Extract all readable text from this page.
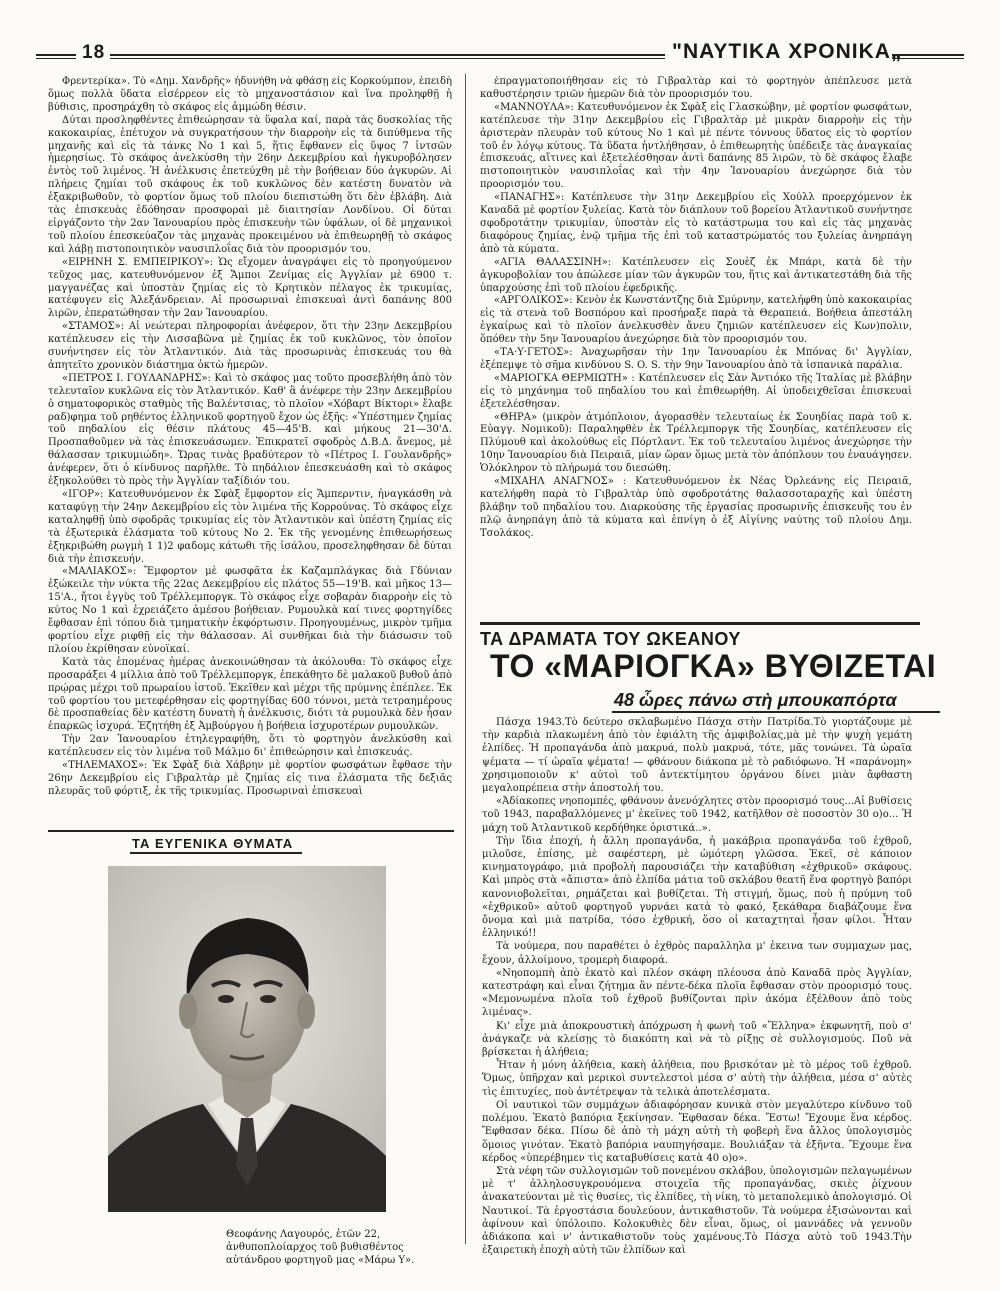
18	"ΝΑΥΤΙΚΑ ΧΡΟΝΙΚΑ„

Φρεντερίκα». Τὸ «Δημ. Χανδρῆς» ἠδυνήθη νὰ φθάσῃ εἰς Κορκούμπον, ἐπειδὴ ὅμως πολλὰ ὕδατα εἰσέρρεον εἰς τὸ μηχανοστάσιον καὶ ἵνα προληφθῇ ἡ βύθισις, προσηράχθη τὸ σκάφος εἰς ἀμμώδη θέσιν.

Δύται προσληφθέντες ἐπιθεώρησαν τὰ ὕφαλα καί, παρὰ τὰς δυσκολίας τῆς κακοκαιρίας, ἐπέτυχον νὰ συγκρατήσουν τὴν διαρροὴν εἰς τὰ διπύθμενα τῆς μηχανῆς καὶ εἰς τὰ τάνκς Νο 1 καὶ 5, ἥτις ἔφθανεν εἰς ὕψος 7 ἰντσῶν ἡμερησίως. Τὸ σκάφος ἀνελκύσθη τὴν 26ην Δεκεμβρίου καὶ ἠγκυροβόλησεν ἐντὸς τοῦ λιμένος. Ἡ ἀνέλκυσις ἐπετεύχθη μὲ τὴν βοήθειαν δύο ἀγκυρῶν. Αἱ πλήρεις ζημίαι τοῦ σκάφους ἐκ τοῦ κυκλῶνος δὲν κατέστη δυνατὸν νὰ ἐξακριβωθοῦν, τὸ φορτίον ὅμως τοῦ πλοίου διεπιστώθη ὅτι δὲν ἐβλάβη. Διὰ τὰς ἐπισκευὰς ἐδόθησαν προσφοραὶ μὲ διαιτησίαν Λονδίνου. Οἱ δύται εἰργάζοντο τὴν 2αν Ἰανουαρίου πρὸς ἐπισκευὴν τῶν ὑφάλων, οἱ δὲ μηχανικοὶ τοῦ πλοίου ἐπεσκεύαζον τὰς μηχανὰς προκειμένου νὰ ἐπιθεωρηθῇ τὸ σκάφος καὶ λάβῃ πιστοποιητικὸν ναυσιπλοΐας διὰ τὸν προορισμόν του.

«ΕΙΡΗΝΗ Σ. ΕΜΠΕΙΡΙΚΟΥ»: Ὡς εἴχομεν ἀναγράψει εἰς τὸ προηγούμενον τεῦχος μας, κατευθυνόμενον ἐξ Ἄμποι Ζενίμας εἰς Ἀγγλίαν μὲ 6900 τ. μαγγανέζας καὶ ὑποστὰν ζημίας εἰς τὸ Κρητικὸν πέλαγος ἐκ τρικυμίας, κατέφυγεν εἰς Ἀλεξάνδρειαν. Αἱ προσωριναὶ ἐπισκευαὶ ἀντὶ δαπάνης 800 λιρῶν, ἐπερατώθησαν τὴν 2αν Ἰανουαρίου.

«ΣΤΑΜΟΣ»: Αἱ νεώτεραι πληροφορίαι ἀνέφερον, ὅτι τὴν 23ην Δεκεμβρίου κατέπλευσεν εἰς τὴν Λισσαβῶνα μὲ ζημίας ἐκ τοῦ κυκλῶνος, τὸν ὁποῖον συνήντησεν εἰς τὸν Ἀτλαντικόν. Διὰ τὰς προσωρινὰς ἐπισκευάς του θὰ ἀπητεῖτο χρονικὸν διάστημα ὀκτὼ ἡμερῶν.

«ΠΕΤΡΟΣ Ι. ΓΟΥΛΑΝΔΡΗΣ»: Καὶ τὸ σκάφος μας τοῦτο προσεβλήθη ἀπὸ τὸν τελευταῖον κυκλῶνα εἰς τὸν Ἀτλαντικόν. Καθ' ἃ ἀνέφερε τὴν 23ην Δεκεμβρίου ὁ σηματοφορικὸς σταθμὸς τῆς Βαλέντσιας, τὸ πλοῖον «Χόβαρτ Βίκτορι» ἔλαβε ραδ)φημα τοῦ ρηθέντος ἑλληνικοῦ φορτηγοῦ ἔχον ὡς ἑξῆς: «Ὑπέστημεν ζημίας τοῦ πηδαλίου εἰς θέσιν πλάτους 45—45'Β. καὶ μήκους 21—30'Δ. Προσπαθοῦμεν νὰ τὰς ἐπισκευάσωμεν. Ἐπικρατεῖ σφοδρὸς Δ.Β.Δ. ἄνεμος, μὲ θάλασσαν τρικυμιώδη». Ὥρας τινὰς βραδύτερον τὸ «Πέτρος Ι. Γουλανδρῆς» ἀνέφερεν, ὅτι ὁ κίνδυνος παρῆλθε. Τὸ πηδάλιον ἐπεσκευάσθη καὶ τὸ σκάφος ἐξηκολούθει τὸ πρὸς τὴν Ἀγγλίαν ταξίδιόν του.

«ΙΓΟΡ»: Κατευθυνόμενον ἐκ Σφὰξ ἔμφορτον εἰς Ἄμπερντιν, ἠναγκάσθη νὰ καταφύγῃ τὴν 24ην Δεκεμβρίου εἰς τὸν λιμένα τῆς Κορρούνας. Τὸ σκάφος εἶχε καταληφθῇ ὑπὸ σφοδρᾶς τρικυμίας εἰς τὸν Ἀτλαντικὸν καὶ ὑπέστη ζημίας εἰς τὰ ἐξωτερικὰ ἐλάσματα τοῦ κύτους Νο 2. Ἐκ τῆς γενομένης ἐπιθεωρήσεως ἐξηκριβώθη ρωγμὴ 1 1)2 φαδομς κάτωθι τῆς ἰσάλου, προσεληφθησαν δὲ δύται διὰ τὴν ἐπισκευήν.

«ΜΑΛΙΑΚΟΣ»: Ἔμφορτον μὲ φωσφᾶτα ἐκ Καζαμπλάγκας διὰ Γδύνιαν ἐξώκειλε τὴν νύκτα τῆς 22ας Δεκεμβρίου εἰς πλάτος 55—19'Β. καὶ μῆκος 13—15'Α., ἤτοι ἐγγὺς τοῦ Τρέλλεμποργκ. Τὸ σκάφος εἶχε σοβαρὰν διαρροὴν εἰς τὸ κύτος Νο 1 καὶ ἐχρειάζετο ἀμέσου βοήθειαν. Ρυμουλκὰ καί τινες φορτηγίδες ἔφθασαν ἐπὶ τόπου διὰ τμηματικὴν ἐκφόρτωσιν. Προηγουμένως, μικρὸν τμῆμα φορτίου εἶχε ριφθῇ εἰς τὴν θάλασσαν. Αἱ συνθῆκαι διὰ τὴν διάσωσιν τοῦ πλοίου ἐκρίθησαν εὐνοϊκαί.

Κατὰ τὰς ἑπομένας ἡμέρας ἀνεκοινώθησαν τὰ ἀκόλουθα: Τὸ σκάφος εἶχε προσαράξει 4 μίλλια ἀπὸ τοῦ Τρέλλεμποργκ, ἐπεκάθητο δὲ μαλακοῦ βυθοῦ ἀπὸ πρῴρας μέχρι τοῦ πρωραίου ἱστοῦ. Ἐκεῖθεν καὶ μέχρι τῆς πρύμνης ἐπέπλεε. Ἐκ τοῦ φορτίου του μετεφέρθησαν εἰς φορτηγίδας 600 τόννοι, μετὰ τετραημέρους δὲ προσπαθείας δὲν κατέστη δυνατὴ ἡ ἀνέλκυσις, διότι τὰ ρυμουλκὰ δὲν ἦσαν ἐπαρκῶς ἰσχυρά. Ἐζητήθη ἐξ Ἀμβούργου ἡ βοήθεια ἰσχυροτέρων ρυμουλκῶν.

Τὴν 2αν Ἰανουαρίου ἐτηλεγραφήθη, ὅτι τὸ φορτηγὸν ἀνελκύσθη καὶ κατέπλευσεν εἰς τὸν λιμένα τοῦ Μάλμο δι' ἐπιθεώρησιν καὶ ἐπισκευάς.

«ΤΗΛΕΜΑΧΟΣ»: Ἐκ Σφὰξ διὰ Χάβρην μὲ φορτίον φωσφάτων ἔφθασε τὴν 26ην Δεκεμβρίου εἰς Γιβραλτὰρ μὲ ζημίας εἰς τινα ἐλάσματα τῆς δεξιᾶς πλευρᾶς τοῦ φόρτιξ, ἐκ τῆς τρικυμίας. Προσωριναὶ ἐπισκευαὶ

ἐπραγματοποιήθησαν εἰς τὸ Γιβραλτὰρ καὶ τὸ φορτηγὸν ἀπέπλευσε μετὰ καθυστέρησιν τριῶν ἡμερῶν διὰ τὸν προορισμόν του.

«ΜΑΝΝΟΥΛΑ»: Κατευθυνόμενον ἐκ Σφὰξ εἰς Γλασκώβην, μὲ φορτίον φωσφάτων, κατέπλευσε τὴν 31ην Δεκεμβρίου εἰς Γιβραλτὰρ μὲ μικρὰν διαρροὴν εἰς τὴν ἀριστερὰν πλευρὰν τοῦ κύτους Νο 1 καὶ μὲ πέντε τόννους ὕδατος εἰς τὸ φορτίον τοῦ ἐν λόγῳ κύτους. Τὰ ὕδατα ἠντλήθησαν, ὁ ἐπιθεωρητὴς ὑπέδειξε τὰς ἀναγκαίας ἐπισκευάς, αἵτινες καὶ ἐξετελέσθησαν ἀντὶ δαπάνης 85 λιρῶν, τὸ δὲ σκάφος ἔλαβε πιστοποιητικὸν ναυσιπλοΐας καὶ τὴν 4ην Ἰανουαρίου ἀνεχώρησε διὰ τὸν προορισμόν του.

«ΠΑΝΑΓΗΣ»: Κατέπλευσε τὴν 31ην Δεκεμβρίου εἰς Χούλλ προερχόμενον ἐκ Καναδᾶ μὲ φορτίον ξυλείας. Κατὰ τὸν διάπλουν τοῦ βορείου Ἀτλαντικοῦ συνήντησε σφοδροτάτην τρικυμίαν, ὑποστὰν εἰς τὸ κατάστρωμα του καὶ εἰς τὰς μηχανὰς διαφόρους ζημίας, ἐνῷ τμῆμα τῆς ἐπὶ τοῦ καταστρώματός του ξυλείας ἀνηρπάγη ἀπὸ τὰ κύματα.

«ΑΓΙΑ ΘΑΛΑΣΣΙΝΗ»: Κατέπλευσεν εἰς Σουὲζ ἐκ Μπάρι, κατὰ δὲ τὴν ἀγκυροβολίαν του ἀπώλεσε μίαν τῶν ἀγκυρῶν του, ἥτις καὶ ἀντικατεστάθη διὰ τῆς ὑπαρχούσης ἐπὶ τοῦ πλοίου ἐφεδρικῆς.

«ΑΡΓΟΛΙΚΟΣ»: Κενὸν ἐκ Κωνστάντζης διὰ Σμύρνην, κατελήφθη ὑπὸ κακοκαιρίας εἰς τὰ στενὰ τοῦ Βοσπόρου καὶ προσήραξε παρὰ τὰ Θεραπειά. Βοήθεια ἀπεστάλη ἐγκαίρως καὶ τὸ πλοῖον ἀνελκυσθὲν ἄνευ ζημιῶν κατέπλευσεν εἰς Κων)πολιν, ὅπόθεν τὴν 5ην Ἰανουαρίου ἀνεχώρησε διὰ τὸν προορισμόν του.

«ΤΑ·Υ·ΓΕΤΟΣ»: Ἀναχωρῆσαν τὴν 1ην Ἰανουαρίου ἐκ Μπόνας δι' Ἀγγλίαν, ἐξέπεμψε τὸ σῆμα κινδύνου S. O. S. τὴν 9ην Ἰανουαρίου ἀπὸ τὰ ἰσπανικὰ παράλια.

«ΜΑΡΙΟΓΚΑ ΘΕΡΜΙΩΤΗ» : Κατέπλευσεν εἰς Σὰν Ἀντιόκο τῆς Ἰταλίας μὲ βλάβην εἰς τὸ μηχάνημα τοῦ πηδαλίου του καὶ ἐπιθεωρήθη. Αἱ ὑποδειχθεῖσαι ἐπισκευαὶ ἐξετελέσθησαν.

«ΘΗΡΑ» (μικρὸν ἀτμόπλοιον, ἀγορασθὲν τελευταίως ἐκ Σουηδίας παρὰ τοῦ κ. Εὐαγγ. Νομικοῦ): Παραληφθὲν ἐκ Τρέλλεμποργκ τῆς Σουηδίας, κατέπλευσεν εἰς Πλύμουθ καὶ ἀκολούθως εἰς Πόρτλαντ. Ἐκ τοῦ τελευταίου λιμένος ἀνεχώρησε τὴν 10ην Ἰανουαρίου διὰ Πειραιᾶ, μίαν ὥραν ὅμως μετὰ τὸν ἀπόπλουν του ἐναυάγησεν. Ὁλόκληρον τὸ πλήρωμά του διεσώθη.

«ΜΙΧΑΗΛ ΑΝΑΓΝΟΣ» : Κατευθυνόμενον ἐκ Νέας Ὀρλεάνης εἰς Πειραιᾶ, κατελήφθη παρὰ τὸ Γιβραλτὰρ ὑπὸ σφοδροτάτης θαλασσοταραχῆς καὶ ὑπέστη βλάβην τοῦ πηδαλίου του. Διαρκούσης τῆς ἐργασίας προσωρινῆς ἐπισκευῆς του ἐν πλῷ ἀνηρπάγη ἀπὸ τὰ κύματα καὶ ἐπνίγη ὁ ἐξ Αἰγίνης ναύτης τοῦ πλοίου Δημ. Τσολάκος.

ΤΑ ΔΡΑΜΑΤΑ ΤΟΥ ΩΚΕΑΝΟΥ
ΤΟ «ΜΑΡΙΟΓΚΑ» ΒΥΘΙΖΕΤΑΙ
48 ὧρες πάνω στὴ μπουκαπόρτα

Πάσχα 1943.Τὸ δεύτερο σκλαβωμένο Πάσχα στὴν Πατρίδα.Τὸ γιορτάζουμε μὲ τὴν καρδιὰ πλακωμένη ἀπὸ τὸν ἐφιάλτη τῆς ἀμφιβολίας,μὰ μὲ τὴν ψυχὴ γεμάτη ἐλπίδες. Ἡ προπαγάνδα ἀπὸ μακρυά, πολὺ μακρυά, τότε, μᾶς τονώνει. Τὰ ὡραῖα ψέματα — τί ὡραῖα ψέματα! — φθάνουν διάκοπα μὲ τὸ ραδιόφωνο. Ἡ «παράνομη» χρησιμοποιοῦν κ' αὐτοὶ τοῦ ἀντεκτίμητου ὀργάνου δίνει μιὰν ἄφθαστη μεγαλοπρέπεια στὴν ἀποστολή του.

«Ἀδίακοπες νηοπομπές, φθάνουν ἀνενόχλητες στὸν προορισμό τους...Αἱ βυθίσεις τοῦ 1943, παραβαλλόμενες μ' ἐκεῖνες τοῦ 1942, κατῆλθον σὲ ποσοστὸν 30 ο)ο... Ἡ μάχη τοῦ Ἀτλαντικοῦ κερδήθηκε ὁριστικά..».

Τὴν ἴδια ἐποχή, ἡ ἄλλη προπαγάνδα, ἡ μακάβρια προπαγάνδα τοῦ ἐχθροῦ, μιλοῦσε, ἐπίσης, μὲ σαφέστερη, μὲ ὠμότερη γλῶσσα. Ἐκεῖ, σὲ κάποιον κινηματογράφο, μιὰ προβολὴ παρουσιάζει τὴν καταβύθιση «ἐχθρικοῦ» σκάφους. Καὶ μπρὸς στὰ «ἄπιστα» ἀπὸ ἐλπίδα μάτια τοῦ σκλάβου θεατῆ ἕνα φορτηγὸ βαπόρι κανονιοβολεῖται, ρημάζεται καὶ βυθίζεται. Τὴ στιγμή, ὅμως, ποὺ ἡ πρύμνη τοῦ «ἐχθρικοῦ» αὐτοῦ φορτηγοῦ γυρνάει κατὰ τὸ φακό, ξεκάθαρα διαβάζουμε ἕνα ὄνομα καὶ μιὰ πατρίδα, τόσο ἐχθρική, ὅσο οἱ καταχτηταὶ ἦσαν φίλοι. Ἦταν ἑλληνικό!!

Τὰ νούμερα, που παραθέτει ὁ ἐχθρὸς παραλληλα μ' ἐκεινα των συμμαχων μας, ἔχουν, ἀλλοίμονο, τρομερὴ διαφορά.

«Νηοπομπὴ ἀπὸ ἑκατὸ καὶ πλέον σκάφη πλέουσα ἀπὸ Καναδᾶ πρὸς Ἀγγλίαν, κατεστράφη καὶ εἶναι ζήτημα ἂν πέντε-δέκα πλοῖα ἔφθασαν στὸν προορισμό τους. «Μεμονωμένα πλοῖα τοῦ ἐχθροῦ βυθίζονται πρὶν ἀκόμα ἐξέλθουν ἀπὸ τοὺς λιμένας».

Κι' εἶχε μιὰ ἀποκρουστικὴ ἀπόχρωση ἡ φωνὴ τοῦ «Ἕλληνα» ἐκφωνητῆ, ποὺ σ' ἀνάγκαζε νὰ κλείσῃς τὸ διακόπτη καὶ νὰ τὸ ρίξῃς σὲ συλλογισμούς. Ποῦ νὰ βρίσκεται ἡ ἀλήθεια;

Ἦταν ἡ μόνη ἀλήθεια, κακὴ ἀλήθεια, που βρισκόταν μὲ τὸ μέρος τοῦ ἐχθροῦ. Ὅμως, ὑπῆρχαν καὶ μερικοὶ συντελεστοὶ μέσα σ' αὐτὴ τὴν ἀλήθεια, μέσα σ' αὐτὲς τὶς ἐπιτυχίες, ποὺ ἀντέτρεψαν τὰ τελικὰ ἀποτελέσματα.

Οἱ ναυτικοὶ τῶν συμμάχων ἀδιαφόρησαν κυνικὰ στὸν μεγαλύτερο κίνδυνο τοῦ πολέμου. Ἑκατὸ βαπόρια ξεκίνησαν. Ἔφθασαν δέκα. Ἔστω! Ἔχουμε ἕνα κέρδος. Ἔφθασαν δέκα. Πίσω δὲ ἀπὸ τὴ μάχη αὐτὴ τὴ φοβερὴ ἕνα ἄλλος ὑπολογισμὸς ὅμοιος γινόταν. Ἑκατὸ βαπόρια ναυπηγήσαμε. Βουλιάξαν τὰ ἑξῆντα. Ἔχουμε ἕνα κέρδος «ὑπερέβημεν τὶς καταβυθίσεις κατὰ 40 ο)ο».

Στὰ νέφη τῶν συλλογισμῶν τοῦ πονεμένου σκλάβου, ὑπολογισμῶν πελαγωμένων μὲ τ' ἀλληλοσυγκρουόμενα στοιχεῖα τῆς προπαγάνδας, σκιὲς ῥίχνουν ἀνακατεύονται μὲ τὶς θυσίες, τὶς ἐλπίδες, τὴ νίκη, τὸ μεταπολεμικὸ ἀπολογισμό. Οἱ Ναυτικοί. Τὰ ἐργοστάσια δουλεύουν, ἀντικαθιστοῦν. Τὰ νούμερα ἐξισώνονται καὶ ἀφίνουν καὶ ὑπόλοιπο. Κολοκυθιὲς δὲν εἶναι, ὅμως, οἱ μαννάδες νὰ γεννοῦν ἀδιάκοπα καὶ ν' ἀντικαθιστοῦν τοὺς χαμένους.Τὸ Πάσχα αὐτὸ τοῦ 1943.Τὴν ἐξαιρετικὴ ἐποχὴ αὐτὴ τῶν ἐλπίδων καὶ

ΤΑ ΕΥΓΕΝΙΚΑ ΘΥΜΑΤΑ

Θεοφάνης Λαγουρός, ἐτῶν 22, ἀνθυποπλοίαρχος τοῦ βυθισθέντος αὐτάνδρου φορτηγοῦ μας «Μάρω Υ».
